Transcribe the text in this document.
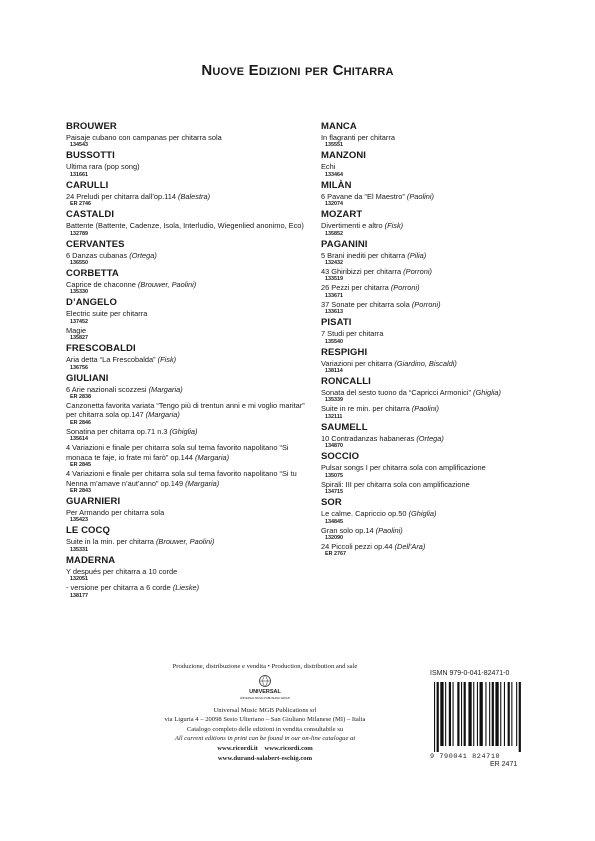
Nuove Edizioni per Chitarra
BROUWER
Paisaje cubano con campanas per chitarra sola
134543
BUSSOTTI
Ultima rara (pop song)
131661
CARULLI
24 Preludi per chitarra dall’op.114 (Balestra)
ER 2746
CASTALDI
Battente (Battente, Cadenze, Isola, Interludio, Wiegenlied anonimo, Eco)
132789
CERVANTES
6 Danzas cubanas (Ortega)
136550
CORBETTA
Caprice de chaconne (Brouwer, Paolini)
135330
D’ANGELO
Electric suite per chitarra
137452
Magie
135827
FRESCOBALDI
Aria detta “La Frescobalda” (Fisk)
136756
GIULIANI
6 Arie nazionali scozzesi (Margaria)
ER 2838
Canzonetta favorita variata “Tengo più di trentun anni e mi voglio maritar” per chitarra sola op.147 (Margaria)
ER 2846
Sonatina per chitarra op.71 n.3 (Ghiglia)
135614
4 Variazioni e finale per chitarra sola sul tema favorito napolitano “Si monaca te faje, io frate mi farò” op.144 (Margaria)
ER 2845
4 Variazioni e finale per chitarra sola sul tema favorito napolitano “Si tu Nenna m’amave n’aut’anno” op.149 (Margaria)
ER 2843
GUARNIERI
Per Armando per chitarra sola
135423
LE COCQ
Suite in la min. per chitarra (Brouwer, Paolini)
135331
MADERNA
Y después per chitarra a 10 corde
132051
- versione per chitarra a 6 corde (Lieske)
138177
MANCA
In flagranti per chitarra
135551
MANZONI
Echi
133464
MILÀN
6 Pavane da “El Maestro” (Paolini)
132074
MOZART
Divertimenti e altro (Fisk)
135852
PAGANINI
5 Brani inediti per chitarra (Pilia)
132432
43 Ghiribizzi per chitarra (Porroni)
133519
26 Pezzi per chitarra (Porroni)
133671
37 Sonate per chitarra sola (Porroni)
133613
PISATI
7 Studi per chitarra
135540
RESPIGHI
Variazioni per chitarra (Giardino, Biscaldi)
138114
RONCALLI
Sonata del sesto tuono da “Capricci Armonici” (Ghiglia)
135339
Suite in re min. per chitarra (Paolini)
132111
SAUMELL
10 Contradanzas habaneras (Ortega)
134870
SOCCIO
Pulsar songs I per chitarra sola con amplificazione
135075
Spirali: III per chitarra sola con amplificazione
134715
SOR
Le calme. Capriccio op.50 (Ghiglia)
134845
Gran solo op.14 (Paolini)
132090
24 Piccoli pezzi op.44 (Dell’Ara)
ER 2767
Produzione, distribuzione e vendita • Production, distribution and sale
UNIVERSAL
UNIVERSAL MUSIC PUBLISHING GROUP
Universal Music MGB Publications srl
via Liguria 4 – 20098 Sesto Ulteriano – San Giuliano Milanese (MI) – Italia
Catalogo completo delle edizioni in vendita consultabile su
All current editions in print can be found in our on-line catalogue at
www.ricordi.it    www.ricordi.com
www.durand-salabert-eschig.com
ISMN 979-0-041-82471-0
9 790041 824710
ER 2471
